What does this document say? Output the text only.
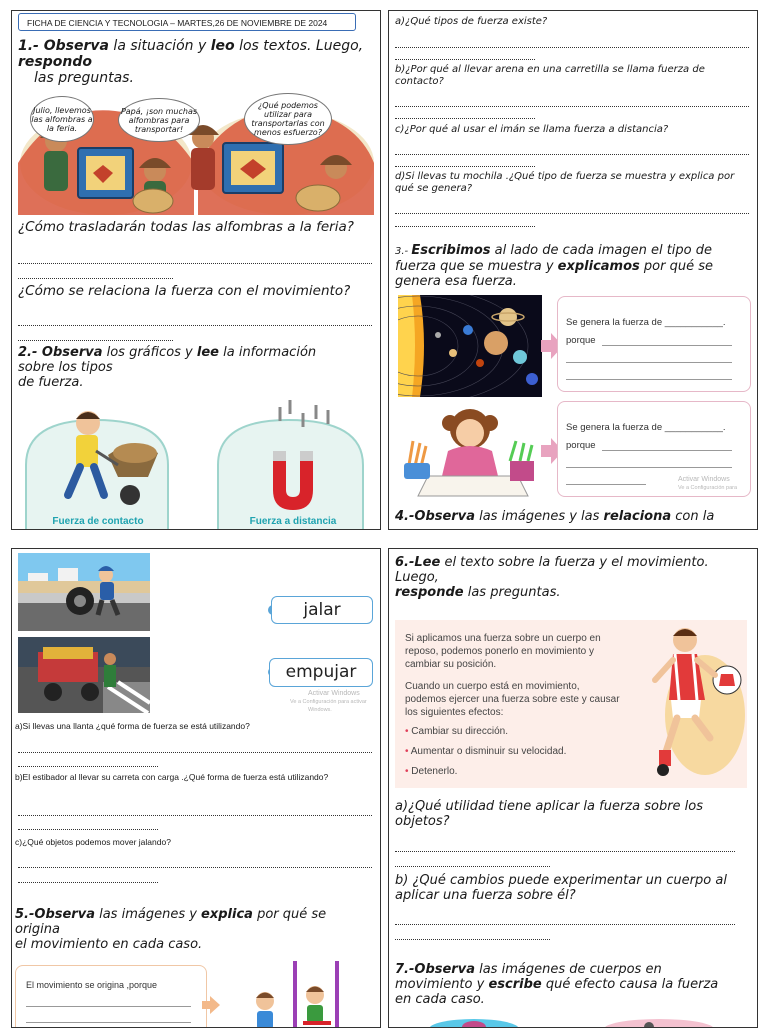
FICHA DE CIENCIA Y TECNOLOGIA – MARTES,26 DE NOVIEMBRE DE 2024
1.- Observa la situación y leo los textos. Luego,
respondo
las preguntas.
Julio, llevemos las alfombras a la feria.
Papá, ¡son muchas alfombras para transportar!
¿Qué podemos utilizar para transportarlas con menos esfuerzo?
¿Cómo trasladarán todas las alfombras a la feria?
¿Cómo se relaciona la fuerza con el movimiento?
2.- Observa los gráficos y lee la información sobre los tipos
de fuerza.
Fuerza de contacto	Fuerza a distancia
a)¿Qué tipos de fuerza existe?
b)¿Por qué al llevar arena en una carretilla se llama fuerza de contacto?
c)¿Por qué al usar el imán se llama fuerza a distancia?
d)Si llevas tu mochila .¿Qué tipo de fuerza se muestra y explica por qué se genera?
3.- Escribimos al lado de cada imagen el tipo de
fuerza que se muestra y explicamos por qué se
genera esa fuerza.
Se genera la fuerza de ___________.
porque
Se genera la fuerza de ___________.
porque
Activar Windows
Ve a Configuración para
4.-Observa las imágenes y las relaciona con la
jalar
empujar
Activar Windows
Ve a Configuración para activar
Windows.
a)Si llevas una llanta ¿qué forma de fuerza se está utilizando?
b)El estibador al llevar su carreta con carga .¿Qué forma de fuerza está utilizando?
c)¿Qué objetos podemos mover jalando?
5.-Observa las imágenes y explica por qué se origina
el movimiento en cada caso.
El movimiento se origina ,porque
6.-Lee el texto sobre la fuerza y el movimiento. Luego,
responde las preguntas.
Si aplicamos una fuerza sobre un cuerpo en reposo, podemos ponerlo en movimiento y cambiar su posición.
Cuando un cuerpo está en movimiento, podemos ejercer una fuerza sobre este y causar los siguientes efectos:
• Cambiar su dirección.
• Aumentar o disminuir su velocidad.
• Detenerlo.
a)¿Qué utilidad tiene aplicar la fuerza sobre los objetos?
b) ¿Qué cambios puede experimentar un cuerpo al aplicar una fuerza sobre él?
7.-Observa las imágenes de cuerpos en
movimiento y escribe qué efecto causa la fuerza
en cada caso.
